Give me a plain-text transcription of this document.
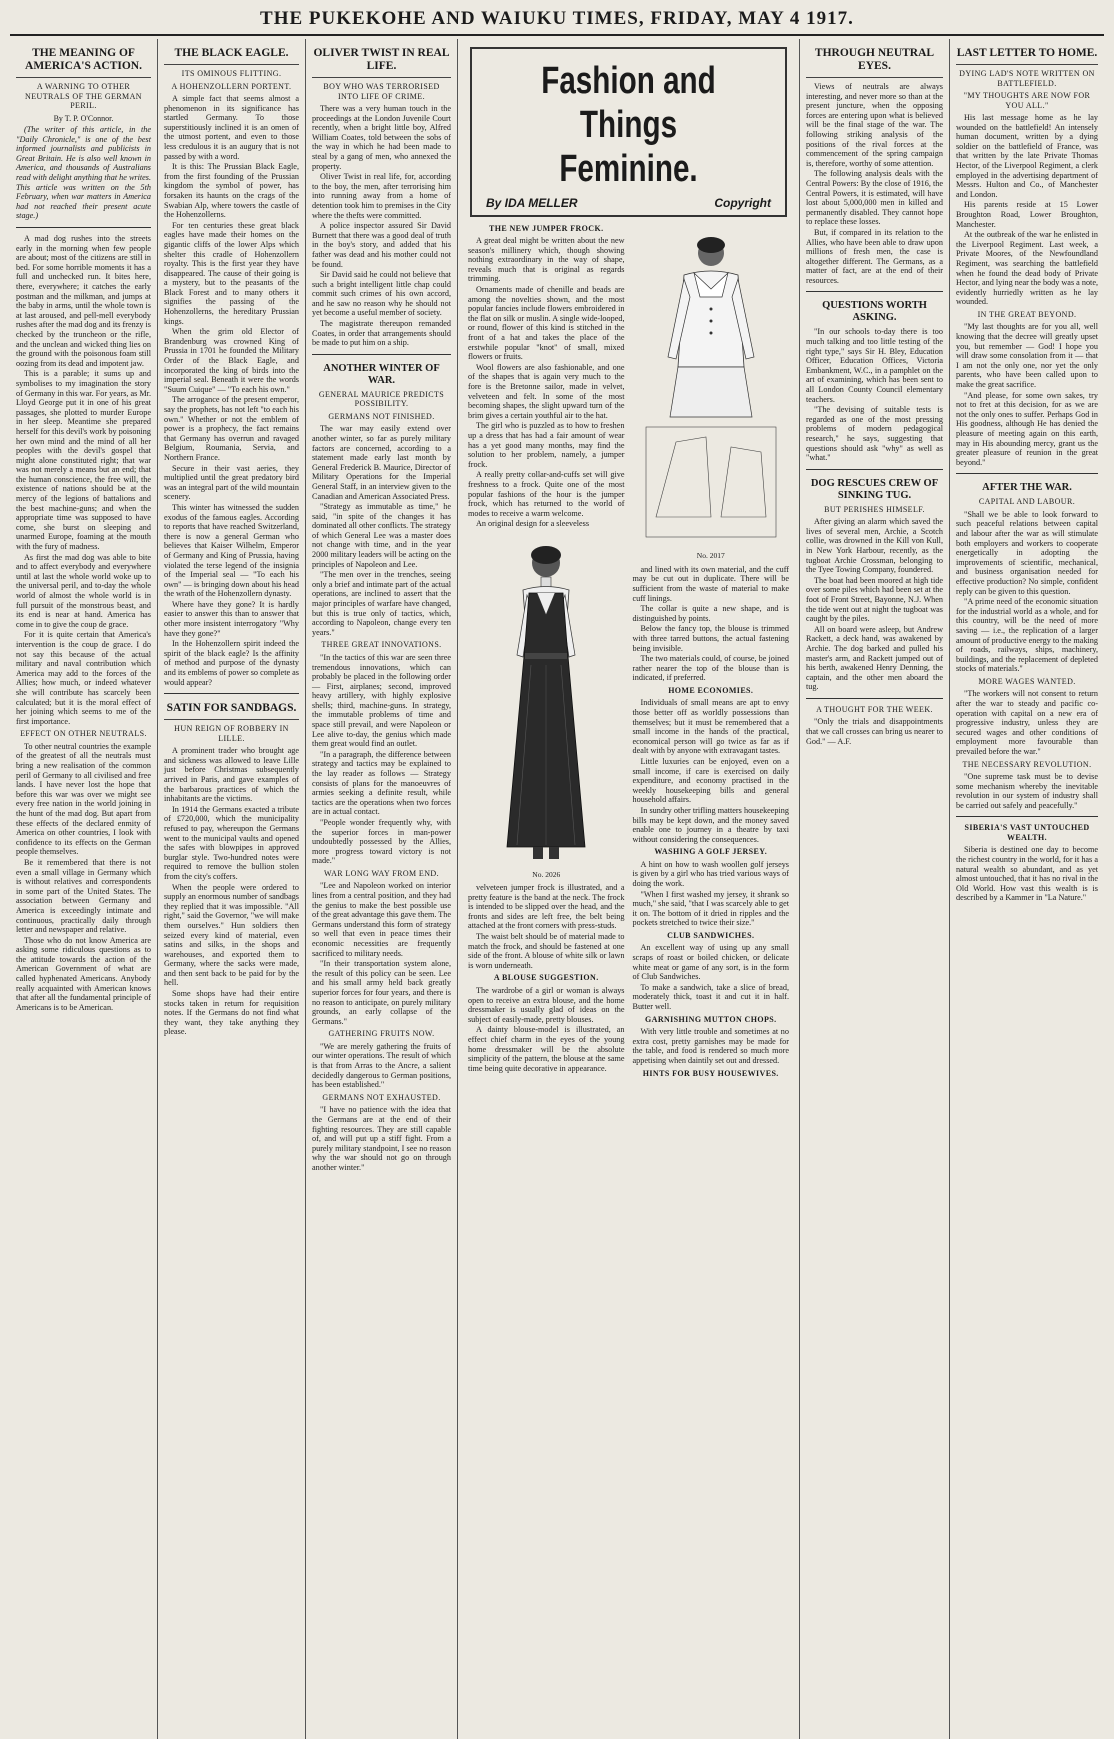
THE PUKEKOHE AND WAIUKU TIMES, FRIDAY, MAY 4 1917.
THE MEANING OF AMERICA'S ACTION.
A WARNING TO OTHER NEUTRALS OF THE GERMAN PERIL.
By T. P. O'Connor.

(The writer of this article, in the "Daily Chronicle," is one of the best informed journalists and publicists in Great Britain. He is also well known in America, and thousands of Australians read with delight anything that he writes. This article was written on the 5th February, when war matters in America had not reached their present acute stage.)

A mad dog rushes into the streets early in the morning when few people are about; most of the citizens are still in bed. For some horrible moments it has a full and unchecked run. It bites here, there, everywhere; it catches the early postman and the milkman, and jumps at the baby in arms, until the whole town is at last aroused, and pell-mell everybody rushes after the mad dog and its frenzy is checked by the truncheon or the rifle, and the unclean and wicked thing lies on the ground with the poisonous foam still oozing from its dead and impotent jaw.

This is a parable; it sums up and symbolises to my imagination the story of Germany in this war. For years, as Mr. Lloyd George put it in one of his great passages, she plotted to murder Europe in her sleep. Meantime she prepared herself for this devil's work by poisoning her own mind and the mind of all her peoples with the devil's gospel that might alone constituted right; that war was not merely a means but an end; that the human conscience, the free will, the existence of nations should be at the mercy of the legions of battalions and the best machine-guns; and when the appropriate time was supposed to have come, she burst on sleeping and unarmed Europe, foaming at the mouth with the fury of madness.

As first the mad dog was able to bite and to affect everybody and everywhere until at last the whole world woke up to the universal peril, and to-day the whole world of almost the whole world is in full pursuit of the monstrous beast, and its end is near at hand. America has come in to give the coup de grace.

For it is quite certain that America's intervention is the coup de grace. I do not say this because of the actual military and naval contribution which America may add to the forces of the Allies; how much, or indeed whatever she will contribute has scarcely been calculated; but it is the moral effect of her joining which seems to me of the first importance.

EFFECT ON OTHER NEUTRALS.

To other neutral countries the example of the greatest of all the neutrals must bring a new realisation of the common peril of Germany to all civilised and free lands. I have never lost the hope that before this war was over we might see every free nation in the world joining in the hunt of the mad dog. But apart from these effects of the declared enmity of America on other countries, I look with confidence to its effects on the German people themselves.

Be it remembered that there is not even a small village in Germany which is without relatives and correspondents in some part of the United States. The association between Germany and America is exceedingly intimate and continuous, practically daily through letter and newspaper and relative.

Those who do not know America are asking some ridiculous questions as to the attitude towards the action of the American Government of what are called hyphenated Americans. Anybody really acquainted with American knows that after all the fundamental principle of Americans is to be American.

THE BLACK EAGLE.
ITS OMINOUS FLITTING.
A HOHENZOLLERN PORTENT.

A simple fact that seems almost a phenomenon in its significance has startled Germany. To those superstitiously inclined it is an omen of the utmost portent, and even to those less credulous it is an augury that is not passed by with a word.

It is this: The Prussian Black Eagle, from the first founding of the Prussian kingdom the symbol of power, has forsaken its haunts on the crags of the Swabian Alp, where towers the castle of the Hohenzollerns.

For ten centuries these great black eagles have made their homes on the gigantic cliffs of the lower Alps which shelter this cradle of Hohenzollern royalty. This is the first year they have disappeared. The cause of their going is a mystery, but to the peasants of the Black Forest and to many others it signifies the passing of the Hohenzollerns, the hereditary Prussian kings.

When the grim old Elector of Brandenburg was crowned King of Prussia in 1701 he founded the Military Order of the Black Eagle, and incorporated the king of birds into the imperial seal. Beneath it were the words "Suum Cuique" — "To each his own."

The arrogance of the present emperor, say the prophets, has not left "to each his own." Whether or not the emblem of power is a prophecy, the fact remains that Germany has overrun and ravaged Belgium, Roumania, Servia, and Northern France.

Secure in their vast aeries, they multiplied until the great predatory bird was an integral part of the wild mountain scenery.

This winter has witnessed the sudden exodus of the famous eagles. According to reports that have reached Switzerland, there is now a general German who believes that Kaiser Wilhelm, Emperor of Germany and King of Prussia, having violated the terse legend of the insignia of the Imperial seal — "To each his own" — is bringing down about his head the wrath of the Hohenzollern dynasty.

Where have they gone? It is hardly easier to answer this than to answer that other more insistent interrogatory "Why have they gone?"

In the Hohenzollern spirit indeed the spirit of the black eagle? Is the affinity of method and purpose of the dynasty and its emblems of power so complete as would appear?

SATIN FOR SANDBAGS.
HUN REIGN OF ROBBERY IN LILLE.

A prominent trader who brought age and sickness was allowed to leave Lille just before Christmas subsequently arrived in Paris, and gave examples of the barbarous practices of which the inhabitants are the victims.

In 1914 the Germans exacted a tribute of £720,000, which the municipality refused to pay, whereupon the Germans went to the municipal vaults and opened the safes with blowpipes in approved burglar style. Two-hundred notes were required to remove the bullion stolen from the city's coffers.

When the people were ordered to supply an enormous number of sandbags they replied that it was impossible. "All right," said the Governor, "we will make them ourselves." Hun soldiers then seized every kind of material, even satins and silks, in the shops and warehouses, and exported them to Germany, where the sacks were made, and then sent back to be paid for by the hell.

Some shops have had their entire stocks taken in return for requisition notes. If the Germans do not find what they want, they take anything they please.

OLIVER TWIST IN REAL LIFE.
BOY WHO WAS TERRORISED INTO LIFE OF CRIME.

There was a very human touch in the proceedings at the London Juvenile Court recently, when a bright little boy, Alfred William Coates, told between the sobs of the way in which he had been made to steal by a gang of men, who annexed the property.

Oliver Twist in real life, for, according to the boy, the men, after terrorising him into running away from a home of detention took him to premises in the City where the thefts were committed.

A police inspector assured Sir David Burnett that there was a good deal of truth in the boy's story, and added that his father was dead and his mother could not be found.

Sir David said he could not believe that such a bright intelligent little chap could commit such crimes of his own accord, and he saw no reason why he should not yet become a useful member of society.

The magistrate thereupon remanded Coates, in order that arrangements should be made to put him on a ship.

ANOTHER WINTER OF WAR.
GENERAL MAURICE PREDICTS POSSIBILITY.
GERMANS NOT FINISHED.

The war may easily extend over another winter, so far as purely military factors are concerned, according to a statement made early last month by General Frederick B. Maurice, Director of Military Operations for the Imperial General Staff, in an interview given to the Canadian and American Associated Press.

"Strategy as immutable as time," he said, "in spite of the changes it has dominated all other conflicts. The strategy of which General Lee was a master does not change with time, and in the year 2000 military leaders will be acting on the principles of Napoleon and Lee.

"The men over in the trenches, seeing only a brief and intimate part of the actual operations, are inclined to assert that the major principles of warfare have changed, but this is true only of tactics, which, according to Napoleon, change every ten years."

THREE GREAT INNOVATIONS.

"In the tactics of this war are seen three tremendous innovations, which can probably be placed in the following order — First, airplanes; second, improved heavy artillery, with highly explosive shells; third, machine-guns. In strategy, the immutable problems of time and space still prevail, and were Napoleon or Lee alive to-day, the genius which made them great would find an outlet.

"In a paragraph, the difference between strategy and tactics may be explained to the lay reader as follows — Strategy consists of plans for the manoeuvres of armies seeking a definite result, while tactics are the operations when two forces are in actual contact.

"People wonder frequently why, with the superior forces in man-power undoubtedly possessed by the Allies, more progress toward victory is not made."

WAR LONG WAY FROM END.

"Lee and Napoleon worked on interior lines from a central position, and they had the genius to make the best possible use of the great advantage this gave them. The Germans understand this form of strategy so well that even in peace times their economic necessities are frequently sacrificed to military needs.

"In their transportation system alone, the result of this policy can be seen. Lee and his small army held back greatly superior forces for four years, and there is no reason to anticipate, on purely military grounds, an early collapse of the Germans."

GATHERING FRUITS NOW.

"We are merely gathering the fruits of our winter operations. The result of which is that from Arras to the Ancre, a salient decidedly dangerous to German positions, has been established."

GERMANS NOT EXHAUSTED.

"I have no patience with the idea that the Germans are at the end of their fighting resources. They are still capable of, and will put up a stiff fight. From a purely military standpoint, I see no reason why the war should not go on through another winter."

Fashion and Things
Feminine.
By IDA MELLER	Copyright
THE NEW JUMPER FROCK.

A great deal might be written about the new season's millinery which, though showing nothing extraordinary in the way of shape, reveals much that is original as regards trimming.

Ornaments made of chenille and beads are among the novelties shown, and the most popular fancies include flowers embroidered in the flat on silk or muslin. A single wide-looped, or round, flower of this kind is stitched in the front of a hat and takes the place of the erstwhile popular "knot" of small, mixed flowers or fruits.

Wool flowers are also fashionable, and one of the shapes that is again very much to the fore is the Bretonne sailor, made in velvet, velveteen and felt. In some of the most becoming shapes, the slight upward turn of the brim gives a certain youthful air to the hat.

The girl who is puzzled as to how to freshen up a dress that has had a fair amount of wear has a yet good many months, may find the solution to her problem, namely, a jumper frock.

A really pretty collar-and-cuffs set will give freshness to a frock. Quite one of the most popular fashions of the hour is the jumper frock, which has returned to the world of modes to receive a warm welcome.

An original design for a sleeveless

No. 2026

velveteen jumper frock is illustrated, and a pretty feature is the band at the neck. The frock is intended to be slipped over the head, and the fronts and sides are left free, the belt being attached at the front corners with press-studs.

The waist belt should be of material made to match the frock, and should be fastened at one side of the front. A blouse of white silk or lawn is worn underneath.

A BLOUSE SUGGESTION.

The wardrobe of a girl or woman is always open to receive an extra blouse, and the home dressmaker is usually glad of ideas on the subject of easily-made, pretty blouses.

A dainty blouse-model is illustrated, an effect chief charm in the eyes of the young home dressmaker will be the absolute simplicity of the pattern, the blouse at the same time being quite decorative in appearance.

No. 2017

and lined with its own material, and the cuff may be cut out in duplicate. There will be sufficient from the waste of material to make cuff linings.

The collar is quite a new shape, and is distinguished by points.

Below the fancy top, the blouse is trimmed with three tarred buttons, the actual fastening being invisible.

The two materials could, of course, be joined rather nearer the top of the blouse than is indicated, if preferred.

HOME ECONOMIES.

Individuals of small means are apt to envy those better off as worldly possessions than themselves; but it must be remembered that a small income in the hands of the practical, economical person will go twice as far as if dealt with by anyone with extravagant tastes.

Little luxuries can be enjoyed, even on a small income, if care is exercised on daily expenditure, and economy practised in the weekly housekeeping bills and general household affairs.

In sundry other trifling matters housekeeping bills may be kept down, and the money saved enable one to journey in a theatre by taxi without considering the consequences.

WASHING A GOLF JERSEY.

A hint on how to wash woollen golf jerseys is given by a girl who has tried various ways of doing the work.

"When I first washed my jersey, it shrank so much," she said, "that I was scarcely able to get it on. The bottom of it dried in ripples and the pockets stretched to twice their size."

CLUB SANDWICHES.

An excellent way of using up any small scraps of roast or boiled chicken, or delicate white meat or game of any sort, is in the form of Club Sandwiches.

To make a sandwich, take a slice of bread, moderately thick, toast it and cut it in half. Butter well.

GARNISHING MUTTON CHOPS.

With very little trouble and sometimes at no extra cost, pretty garnishes may be made for the table, and food is rendered so much more appetising when daintily set out and dressed.

HINTS FOR BUSY HOUSEWIVES.
THROUGH NEUTRAL EYES.

Views of neutrals are always interesting, and never more so than at the present juncture, when the opposing forces are entering upon what is believed will be the final stage of the war. The following striking analysis of the positions of the rival forces at the commencement of the spring campaign is, therefore, worthy of some attention.

The following analysis deals with the Central Powers: By the close of 1916, the Central Powers, it is estimated, will have lost about 5,000,000 men in killed and permanently disabled. They cannot hope to replace these losses.

But, if compared in its relation to the Allies, who have been able to draw upon millions of fresh men, the case is altogether different. The Germans, as a matter of fact, are at the end of their resources.

QUESTIONS WORTH ASKING.

"In our schools to-day there is too much talking and too little testing of the right type," says Sir H. Bley, Education Officer, Education Offices, Victoria Embankment, W.C., in a pamphlet on the art of examining, which has been sent to all London County Council elementary teachers.

"The devising of suitable tests is regarded as one of the most pressing problems of modern pedagogical research," he says, suggesting that questions should ask "why" as well as "what."

DOG RESCUES CREW OF SINKING TUG.
BUT PERISHES HIMSELF.

After giving an alarm which saved the lives of several men, Archie, a Scotch collie, was drowned in the Kill von Kull, in New York Harbour, recently, as the tugboat Archie Crossman, belonging to the Tyee Towing Company, foundered.

The boat had been moored at high tide over some piles which had been set at the foot of Front Street, Bayonne, N.J. When the tide went out at night the tugboat was caught by the piles.

All on board were asleep, but Andrew Rackett, a deck hand, was awakened by Archie. The dog barked and pulled his master's arm, and Rackett jumped out of his berth, awakened Henry Denning, the captain, and the other men aboard the tug.

A THOUGHT FOR THE WEEK.

"Only the trials and disappointments that we call crosses can bring us nearer to God." — A.F.

LAST LETTER TO HOME.
DYING LAD'S NOTE WRITTEN ON BATTLEFIELD.
"MY THOUGHTS ARE NOW FOR YOU ALL."

His last message home as he lay wounded on the battlefield! An intensely human document, written by a dying soldier on the battlefield of France, was that written by the late Private Thomas Hector, of the Liverpool Regiment, a clerk employed in the advertising department of Messrs. Hulton and Co., of Manchester and London.

His parents reside at 15 Lower Broughton Road, Lower Broughton, Manchester.

At the outbreak of the war he enlisted in the Liverpool Regiment. Last week, a Private Moores, of the Newfoundland Regiment, was searching the battlefield when he found the dead body of Private Hector, and lying near the body was a note, evidently hurriedly written as he lay wounded.

IN THE GREAT BEYOND.

"My last thoughts are for you all, well knowing that the decree will greatly upset you, but remember — God! I hope you will draw some consolation from it — that I am not the only one, nor yet the only parents, who have been called upon to make the great sacrifice.

"And please, for some own sakes, try not to fret at this decision, for as we are not the only ones to suffer. Perhaps God in His goodness, although He has denied the pleasure of meeting again on this earth, may in His abounding mercy, grant us the greater pleasure of reunion in the great beyond."

AFTER THE WAR.
CAPITAL AND LABOUR.

"Shall we be able to look forward to such peaceful relations between capital and labour after the war as will stimulate both employers and workers to cooperate energetically in adopting the improvements of scientific, mechanical, and business organisation needed for effective production? No simple, confident reply can be given to this question.

"A prime need of the economic situation for the industrial world as a whole, and for this country, will be the need of more saving — i.e., the replication of a larger amount of productive energy to the making of roads, railways, ships, machinery, buildings, and the replacement of depleted stocks of materials."

MORE WAGES WANTED.

"The workers will not consent to return after the war to steady and pacific co-operation with capital on a new era of progressive industry, unless they are secured wages and other conditions of employment more favourable than prevailed before the war."

THE NECESSARY REVOLUTION.

"One supreme task must be to devise some mechanism whereby the inevitable revolution in our system of industry shall be carried out safely and peacefully."

SIBERIA'S VAST UNTOUCHED WEALTH.

Siberia is destined one day to become the richest country in the world, for it has a natural wealth so abundant, and as yet almost untouched, that it has no rival in the Old World. How vast this wealth is is described by a Kammer in "La Nature."
